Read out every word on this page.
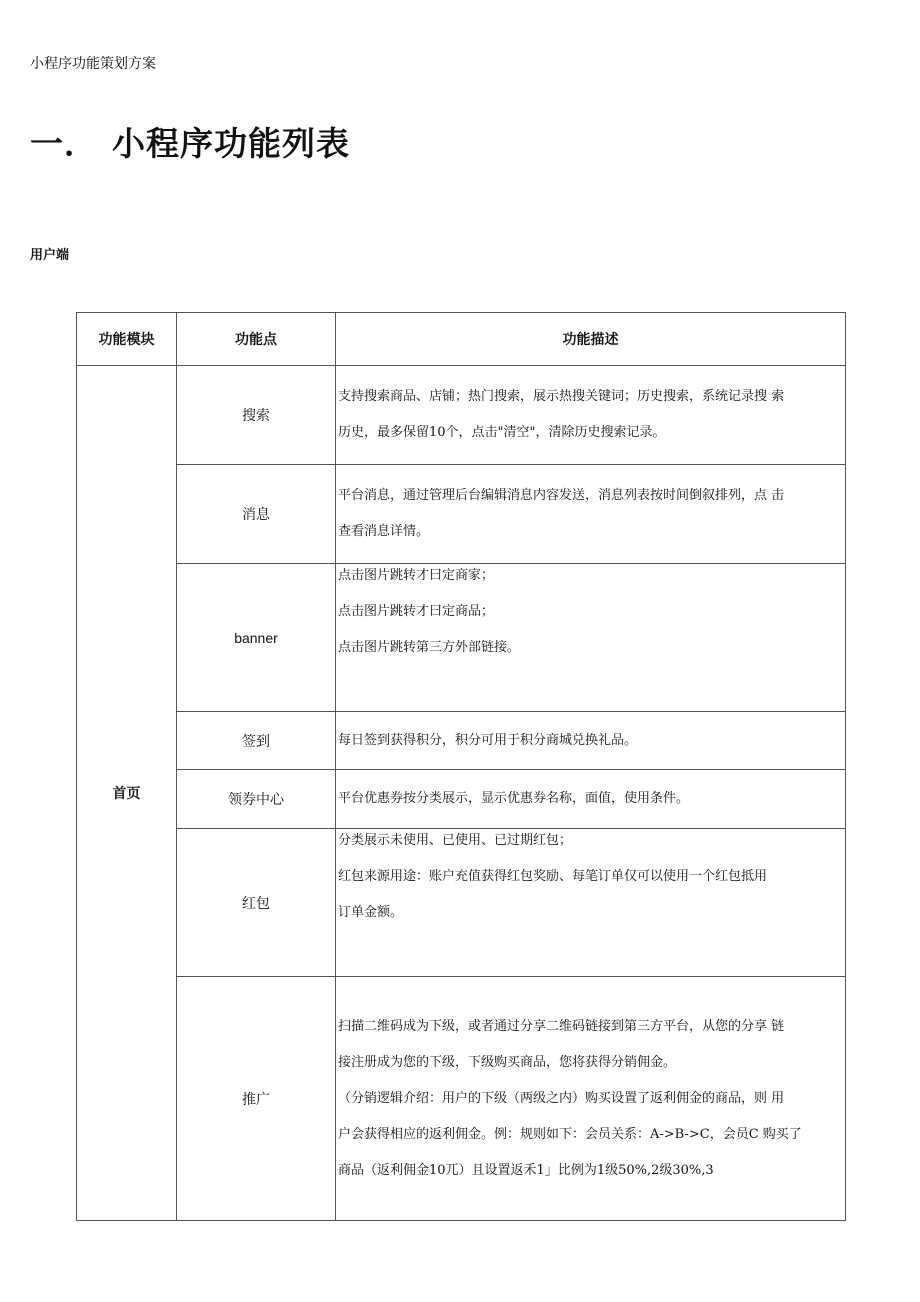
小程序功能策划方案
一． 小程序功能列表
用户端
功能模块	功能点	功能描述
首页	搜索	支持搜索商品、店铺；热门搜索，展示热搜关键词；历史搜索，系统记录搜 索

历史，最多保留10个，点击"清空"，清除历史搜索记录。

	消息	平台消息，通过管理后台编辑消息内容发送，消息列表按时间倒叙排列，点 击

查看消息详情。

	banner	点击图片跳转才曰定商家；

点击图片跳转才曰定商品；

点击图片跳转第三方外部链接。

	签到	每日签到获得积分，积分可用于积分商城兑换礼品。

	领券中心	平台优惠券按分类展示，显示优惠券名称，面值，使用条件。

	红包	分类展示未使用、已使用、已过期红包；

红包来源用途：账户充值获得红包奖励、每笔订单仅可以使用一个红包抵用

订单金额。

	推广	扫描二维码成为下级，或者通过分享二维码链接到第三方平台，从您的分享 链

接注册成为您的下级，下级购买商品，您将获得分销佣金。

（分销逻辑介绍：用户的下级（两级之内）购买设置了返利佣金的商品，则 用

户会获得相应的返利佣金。例：规则如下：会员关系：A->B->C，会员C 购买了

商品（返利佣金10兀）且设置返禾1」比例为1级50%,2级30%,3
